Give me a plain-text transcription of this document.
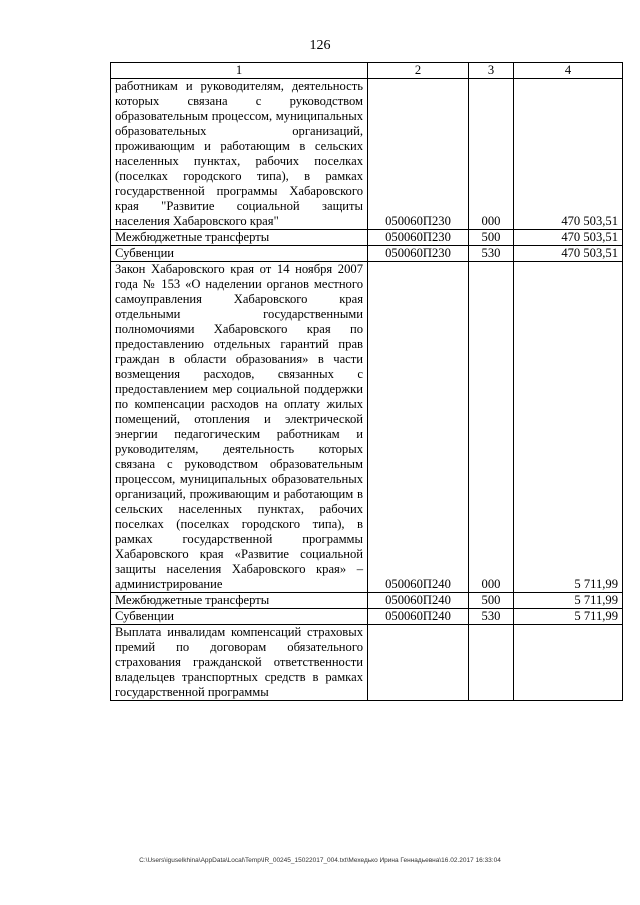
126
1	2	3	4
работникам и руководителям, деятельность которых связана с руководством образовательным процессом, муниципальных образовательных организаций, проживающим и работающим в сельских населенных пунктах, рабочих поселках (поселках городского типа), в рамках государственной программы Хабаровского края "Развитие социальной защиты населения Хабаровского края"	050060П230	000	470 503,51
Межбюджетные трансферты	050060П230	500	470 503,51
Субвенции	050060П230	530	470 503,51
Закон Хабаровского края от 14 ноября 2007 года № 153 «О наделении органов местного самоуправления Хабаровского края отдельными государственными полномочиями Хабаровского края по предоставлению отдельных гарантий прав граждан в области образования» в части возмещения расходов, связанных с предоставлением мер социальной поддержки по компенсации расходов на оплату жилых помещений, отопления и электрической энергии педагогическим работникам и руководителям, деятельность которых связана с руководством образовательным процессом, муниципальных образовательных организаций, проживающим и работающим в сельских населенных пунктах, рабочих поселках (поселках городского типа), в рамках государственной программы Хабаровского края «Развитие социальной защиты населения Хабаровского края» – администрирование	050060П240	000	5 711,99
Межбюджетные трансферты	050060П240	500	5 711,99
Субвенции	050060П240	530	5 711,99
Выплата инвалидам компенсаций страховых премий по договорам обязательного страхования гражданской ответственности владельцев транспортных средств в рамках государственной программы			
C:\Users\iguselkhina\AppData\Local\Temp\IR_00245_15022017_004.txt\Мехедько Ирина Геннадьевна\16.02.2017 16:33:04
